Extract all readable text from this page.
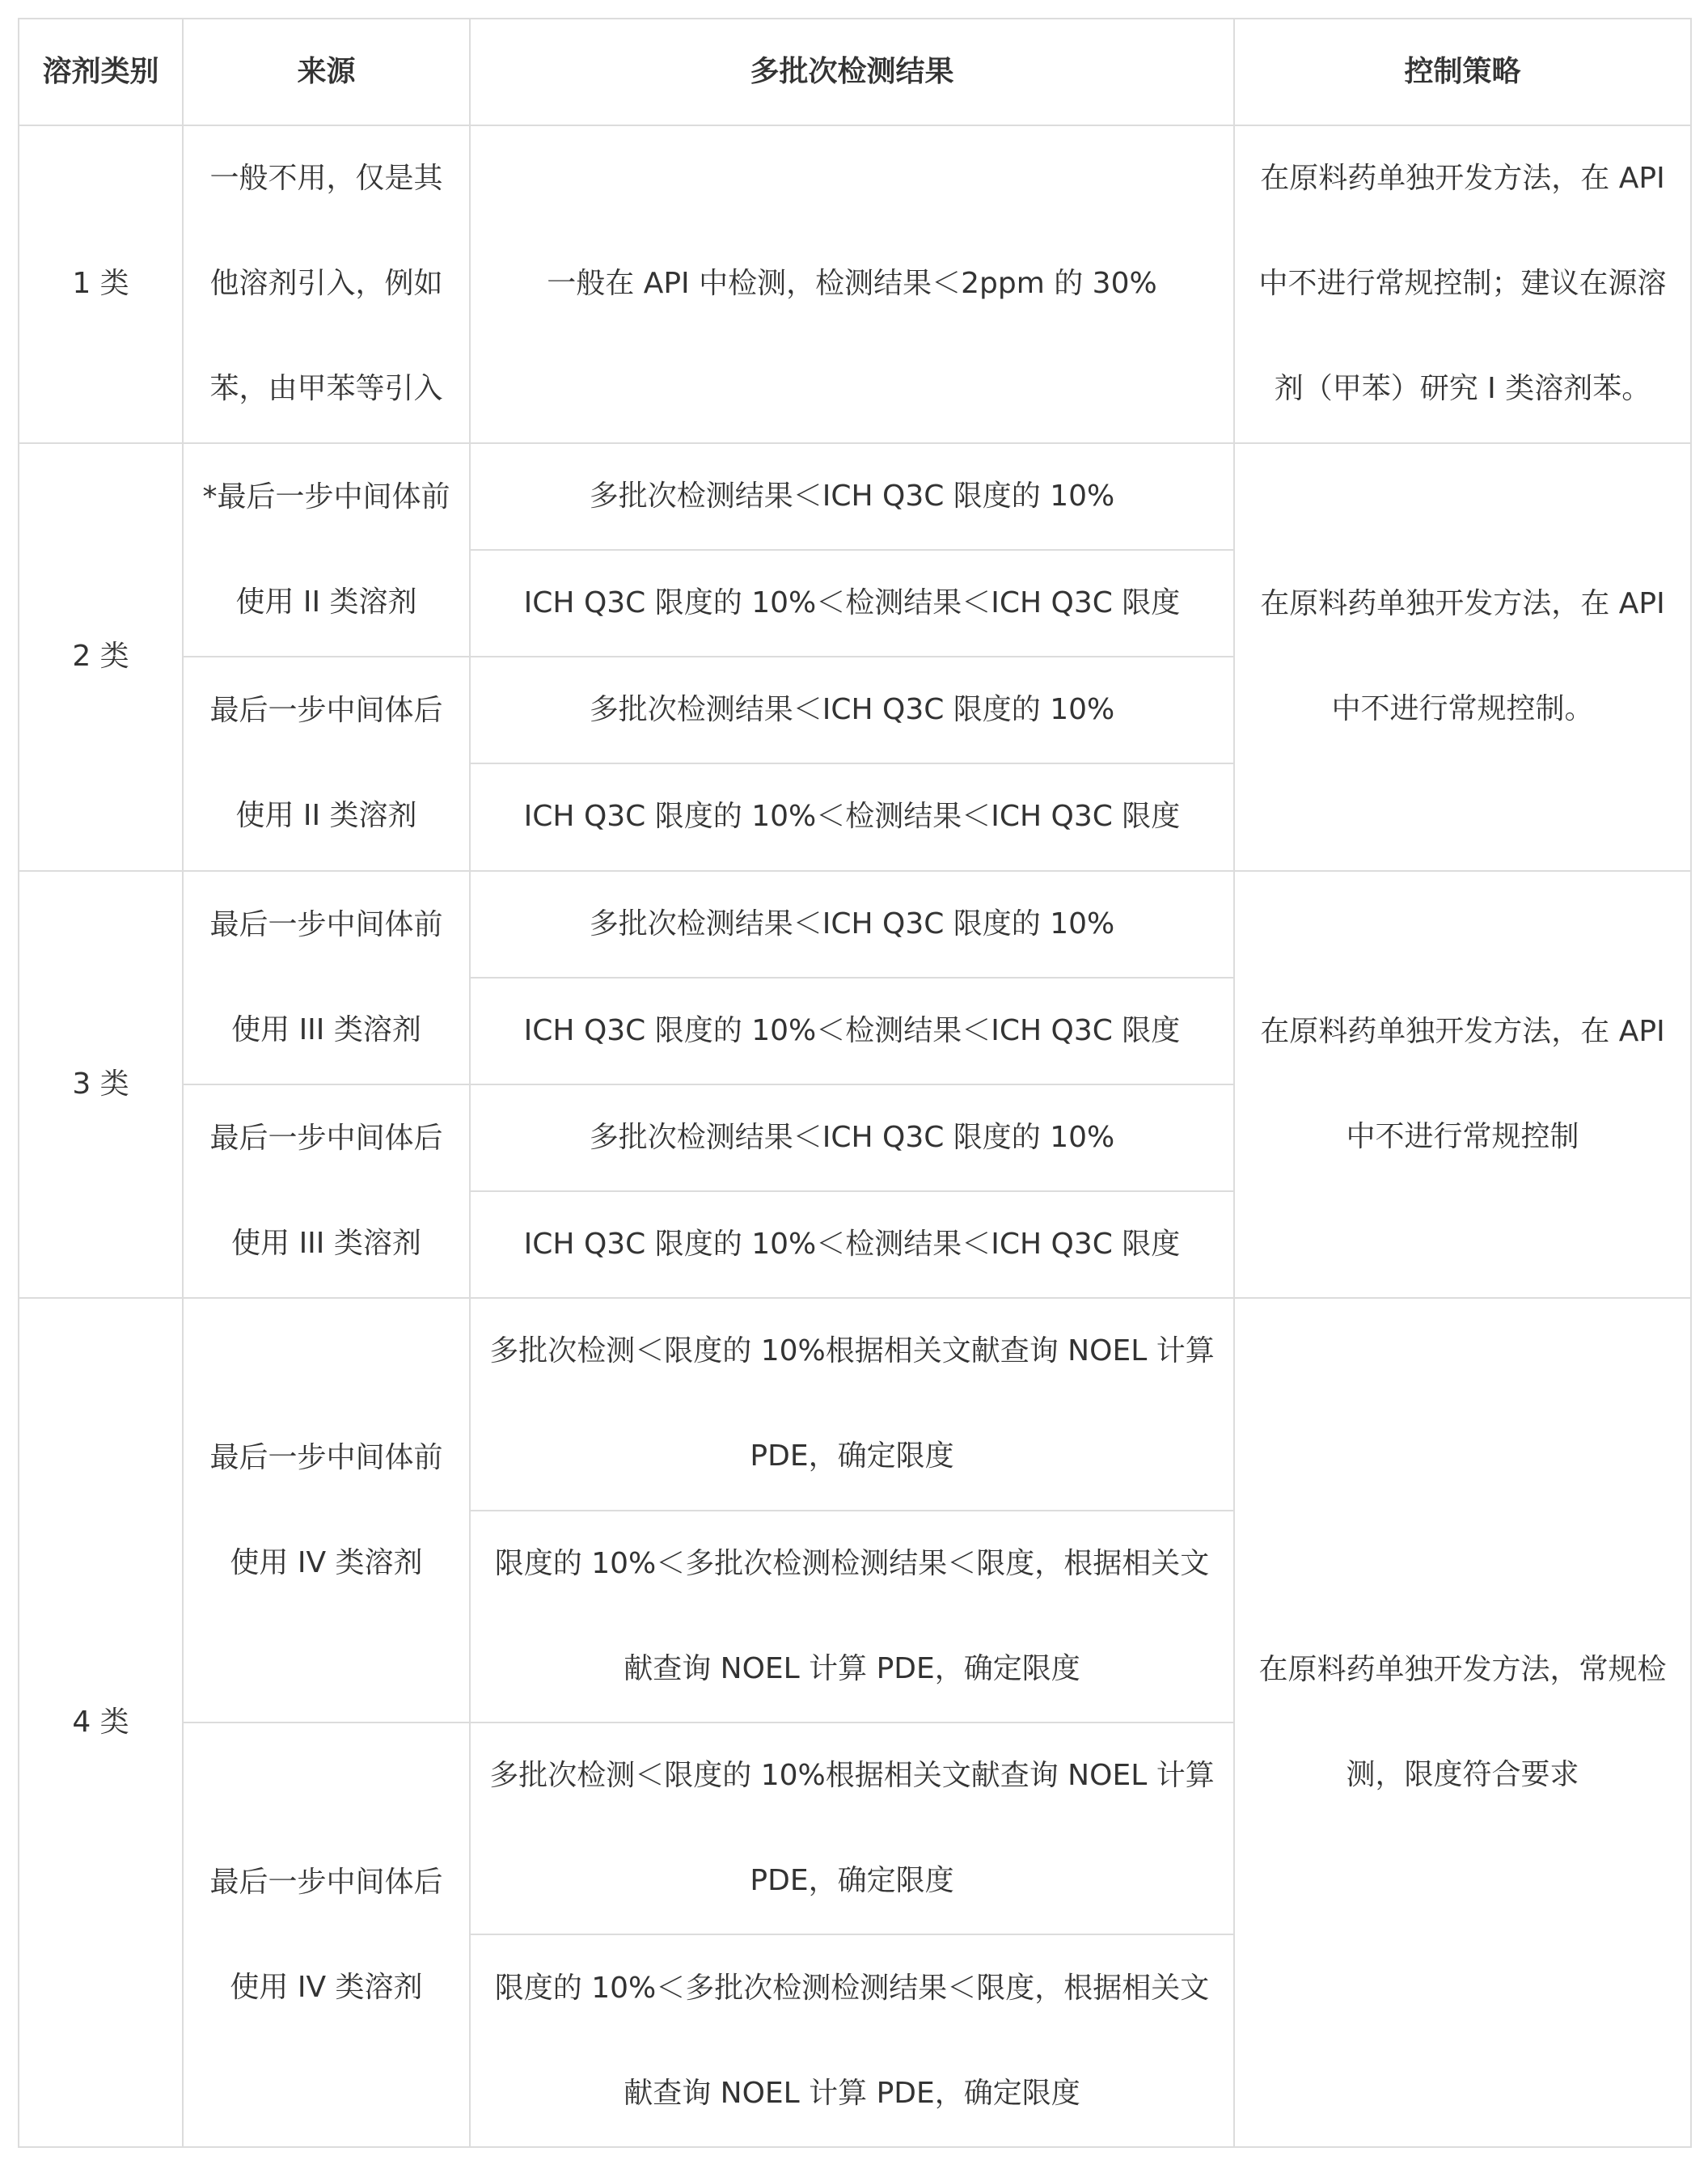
溶剂类别	来源	多批次检测结果	控制策略
1 类	一般不用，仅是其他溶剂引入，例如苯，由甲苯等引入	一般在 API 中检测，检测结果＜2ppm 的 30%	在原料药单独开发方法，在 API 中不进行常规控制；建议在源溶剂（甲苯）研究 I 类溶剂苯。
2 类	*最后一步中间体前使用 II 类溶剂	多批次检测结果＜ICH Q3C 限度的 10%	在原料药单独开发方法，在 API 中不进行常规控制。
		ICH Q3C 限度的 10%＜检测结果＜ICH Q3C 限度	
	最后一步中间体后使用 II 类溶剂	多批次检测结果＜ICH Q3C 限度的 10%	
		ICH Q3C 限度的 10%＜检测结果＜ICH Q3C 限度	
3 类	最后一步中间体前使用 III 类溶剂	多批次检测结果＜ICH Q3C 限度的 10%	在原料药单独开发方法，在 API 中不进行常规控制
		ICH Q3C 限度的 10%＜检测结果＜ICH Q3C 限度	
	最后一步中间体后使用 III 类溶剂	多批次检测结果＜ICH Q3C 限度的 10%	
		ICH Q3C 限度的 10%＜检测结果＜ICH Q3C 限度	
4 类	最后一步中间体前使用 IV 类溶剂	多批次检测＜限度的 10%根据相关文献查询 NOEL 计算 PDE，确定限度	在原料药单独开发方法，常规检测，限度符合要求
		限度的 10%＜多批次检测检测结果＜限度，根据相关文献查询 NOEL 计算 PDE，确定限度	
	最后一步中间体后使用 IV 类溶剂	多批次检测＜限度的 10%根据相关文献查询 NOEL 计算 PDE，确定限度	
		限度的 10%＜多批次检测检测结果＜限度，根据相关文献查询 NOEL 计算 PDE，确定限度	
